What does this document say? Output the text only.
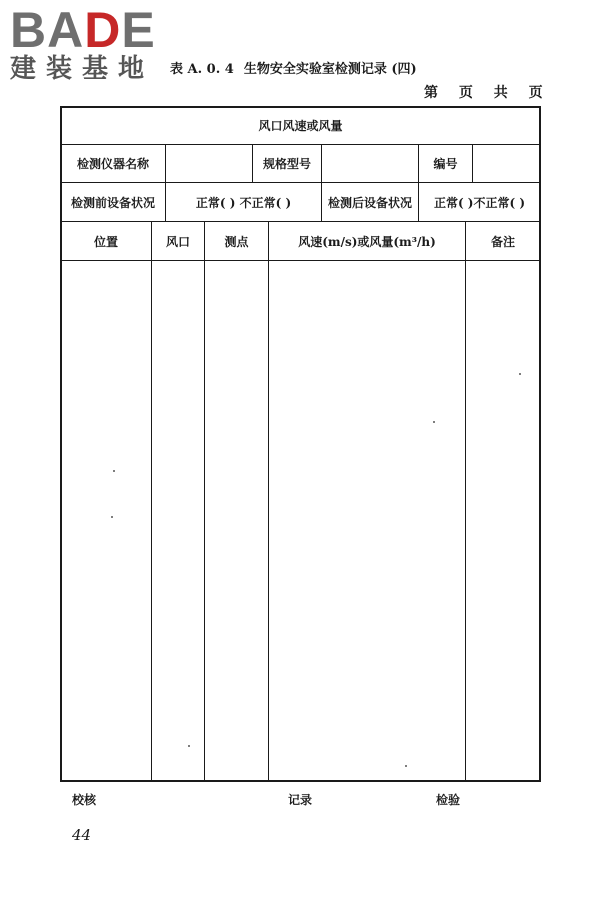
BADE
建装基地 表 A. 0. 4 生物安全实验室检测记录 (四)
第 页 共 页
风口风速或风量
检测仪器名称	规格型号	编号
检测前设备状况	正常( ) 不正常( )	检测后设备状况	正常( )不正常( )
位置	风口	测点	风速(m/s)或风量(m³/h)	备注
校核	记录	检验
44
